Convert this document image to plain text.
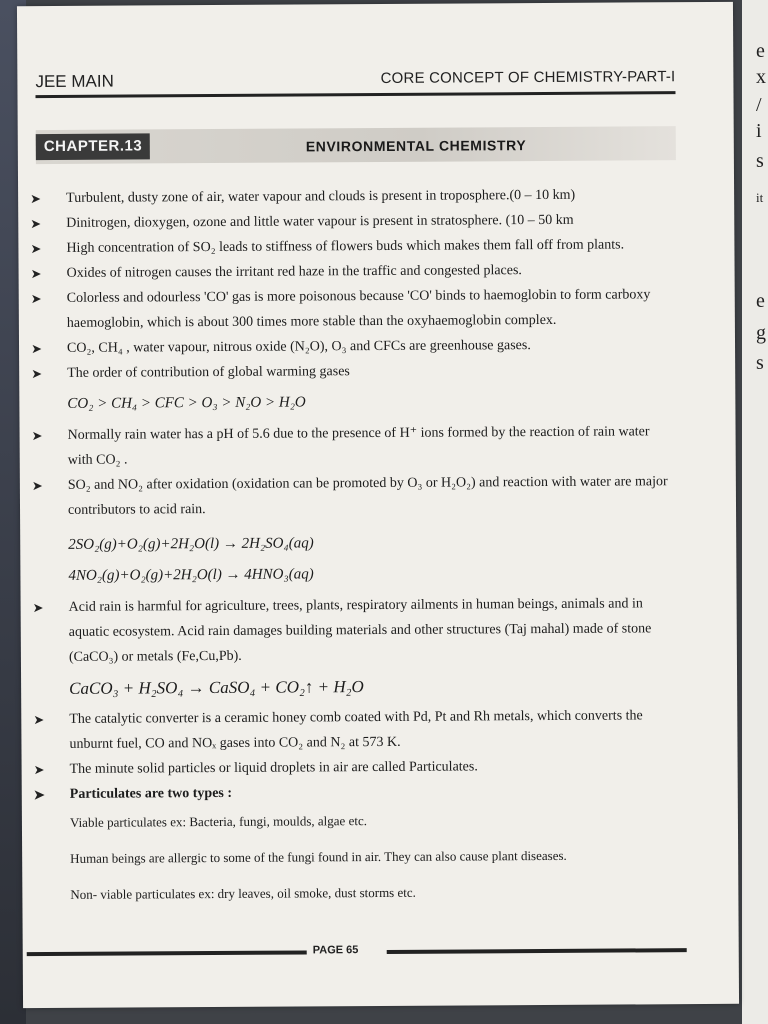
e
x
/
i
s
it
e
g
s
JEE MAIN	CORE CONCEPT OF CHEMISTRY-PART-I
CHAPTER.13	ENVIRONMENTAL CHEMISTRY

➤ Turbulent, dusty zone of air, water vapour and clouds is present in troposphere.(0 – 10 km)

➤ Dinitrogen, dioxygen, ozone and little water vapour is present in stratosphere. (10 – 50 km

➤ High concentration of SO₂ leads to stiffness of flowers buds which makes them fall off from plants.

➤ Oxides of nitrogen causes the irritant red haze in the traffic and congested places.

➤ Colorless and odourless 'CO' gas is more poisonous because 'CO' binds to haemoglobin to form carboxy haemoglobin, which is about 300 times more stable than the oxyhaemoglobin complex.

➤ CO₂, CH₄ , water vapour, nitrous oxide (N₂O), O₃ and CFCs are greenhouse gases.

➤ The order of contribution of global warming gases

CO₂ > CH₄ > CFC > O₃ > N₂O > H₂O

➤ Normally rain water has a pH of 5.6 due to the presence of H⁺ ions formed by the reaction of rain water with CO₂ .

➤ SO₂ and NO₂ after oxidation (oxidation can be promoted by O₃ or H₂O₂) and reaction with water are major contributors to acid rain.

2SO₂(g)+O₂(g)+2H₂O(l) → 2H₂SO₄(aq)

4NO₂(g)+O₂(g)+2H₂O(l) → 4HNO₃(aq)

➤ Acid rain is harmful for agriculture, trees, plants, respiratory ailments in human beings, animals and in aquatic ecosystem. Acid rain damages building materials and other structures (Taj mahal) made of stone (CaCO₃) or metals (Fe,Cu,Pb).

CaCO₃ + H₂SO₄ → CaSO₄ + CO₂↑ + H₂O

➤ The catalytic converter is a ceramic honey comb coated with Pd, Pt and Rh metals, which converts the unburnt fuel, CO and NOₓ gases into CO₂ and N₂ at 573 K.

➤ The minute solid particles or liquid droplets in air are called Particulates.

➤ Particulates are two types :

Viable particulates ex: Bacteria, fungi, moulds, algae etc.

Human beings are allergic to some of the fungi found in air. They can also cause plant diseases.

Non- viable particulates ex: dry leaves, oil smoke, dust storms etc.

PAGE 65
